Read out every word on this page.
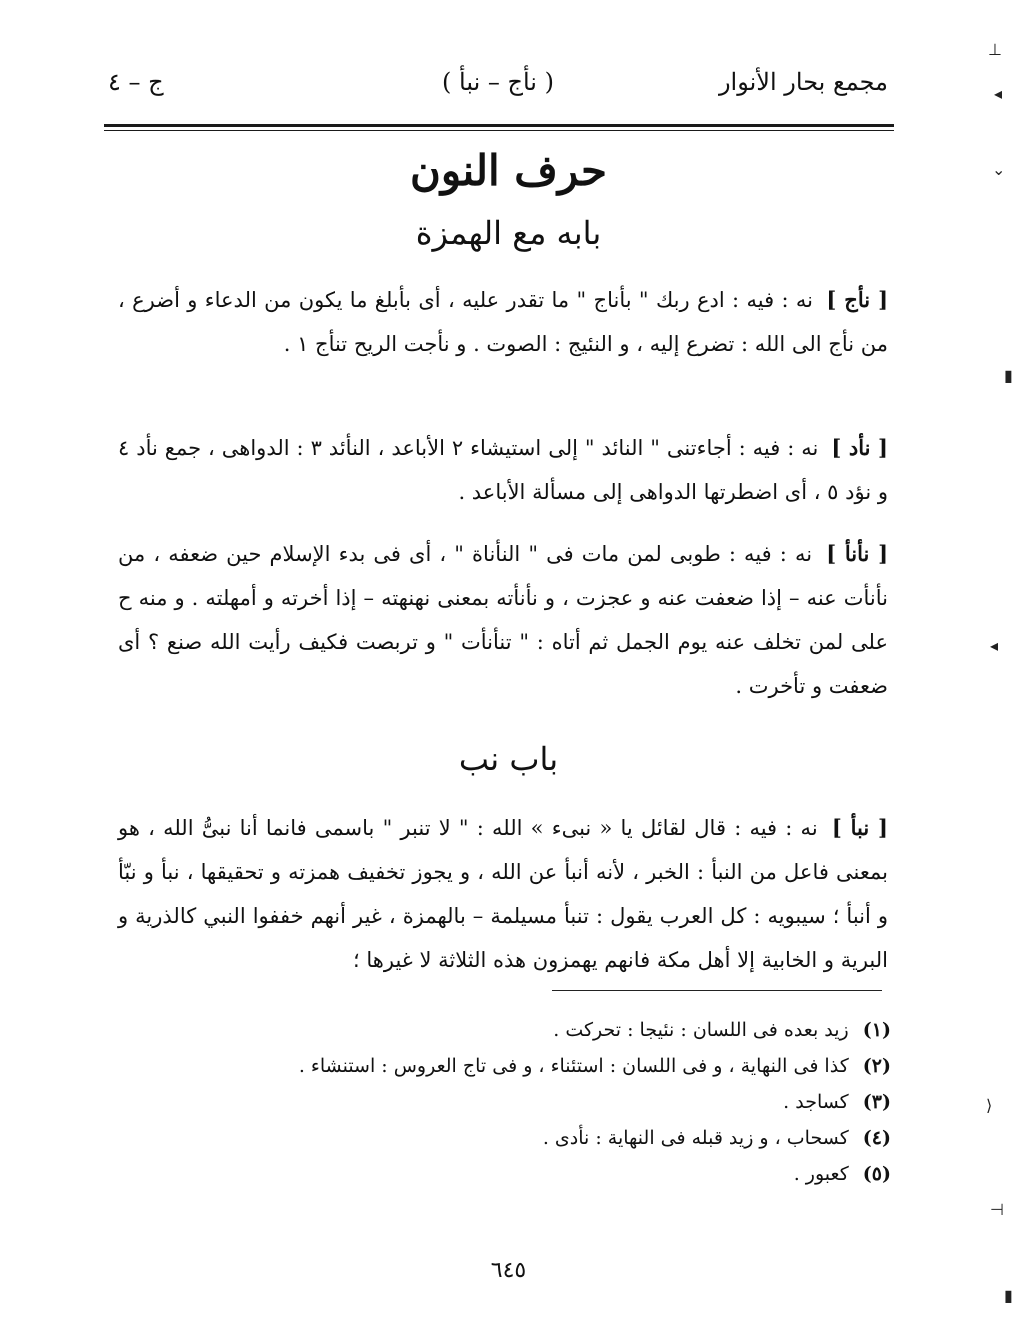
مجمع بحار الأنوار
( نأج – نبأ )
ج – ٤
حرف النون
بابه مع الهمزة
[ نأج ] نه : فيه : ادع ربك " بأناج " ما تقدر عليه ، أى بأبلغ ما يكون من الدعاء و أضرع ، من نأج الى الله : تضرع إليه ، و النئيج : الصوت . و نأجت الريح تنأج ١ .
[ نأد ] نه : فيه : أجاءتنى " النائد " إلى استيشاء ٢ الأباعد ، النأئد ٣ : الدواهى ، جمع نأد ٤ و نؤد ٥ ، أى اضطرتها الدواهى إلى مسألة الأباعد .
[ نأنأ ] نه : فيه : طوبى لمن مات فى " النأناة " ، أى فى بدء الإسلام حين ضعفه ، من نأنأت عنه – إذا ضعفت عنه و عجزت ، و نأنأته بمعنى نهنهته – إذا أخرته و أمهلته . و منه ح على لمن تخلف عنه يوم الجمل ثم أتاه : " تنأنأت " و تربصت فكيف رأيت الله صنع ؟ أى ضعفت و تأخرت .
باب نب
[ نبأ ] نه : فيه : قال لقائل يا « نبىء » الله : " لا تنبر " باسمى فانما أنا نبىُّ الله ، هو بمعنى فاعل من النبأ : الخبر ، لأنه أنبأ عن الله ، و يجوز تخفيف همزته و تحقيقها ، نبأ و نبّأ و أنبأ ؛ سيبويه : كل العرب يقول : تنبأ مسيلمة – بالهمزة ، غير أنهم خففوا النبي كالذرية و البرية و الخابية إلا أهل مكة فانهم يهمزون هذه الثلاثة لا غيرها ؛
(١) زيد بعده فى اللسان : نئيجا : تحركت .
(٢) كذا فى النهاية ، و فى اللسان : استئناء ، و فى تاج العروس : استنشاء .
(٣) كساجد .
(٤) كسحاب ، و زيد قبله فى النهاية : نأدى .
(٥) كعبور .
٦٤٥
⊥
◂
⌄
▮
◂
⟨
⊢
▮
